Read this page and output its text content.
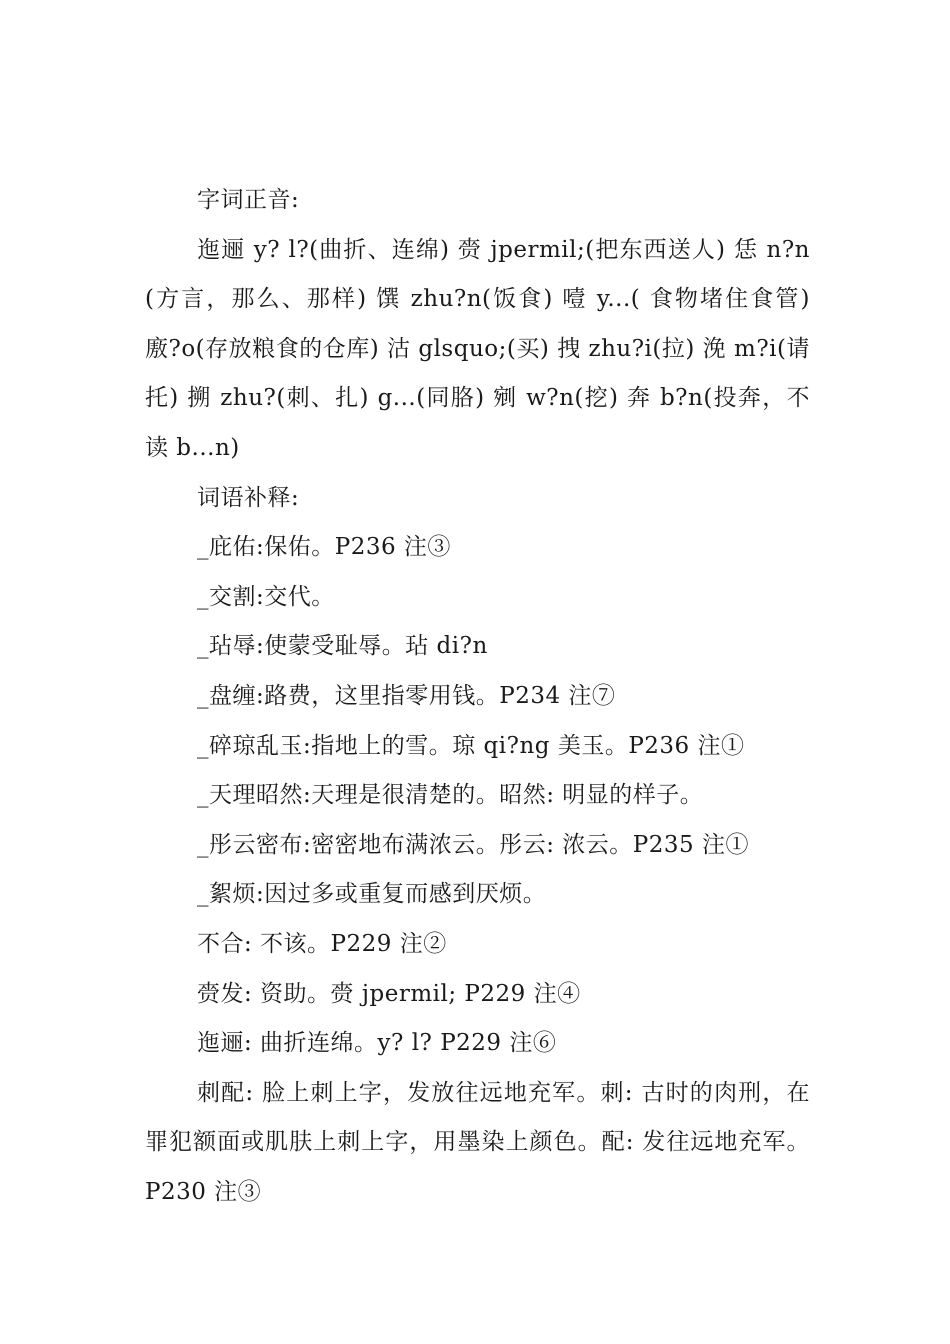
字词正音:

迤逦 y? l?(曲折、连绵) 赍 jpermil;(把东西送人) 恁 n?n(方言，那么、那样) 馔 zhu?n(饭食) 噎 y...( 食物堵住食管) 廒?o(存放粮食的仓库) 沽 glsquo;(买) 拽 zhu?i(拉) 浼 m?i(请托) 搠 zhu?(刺、扎) g...(同胳) 剜 w?n(挖) 奔 b?n(投奔，不读 b...n)

词语补释:

_庇佑:保佑。P236 注③

_交割:交代。

_玷辱:使蒙受耻辱。玷 di?n

_盘缠:路费，这里指零用钱。P234 注⑦

_碎琼乱玉:指地上的雪。琼 qi?ng 美玉。P236 注①

_天理昭然:天理是很清楚的。昭然: 明显的样子。

_彤云密布:密密地布满浓云。彤云: 浓云。P235 注①

_絮烦:因过多或重复而感到厌烦。

不合: 不该。P229 注②

赍发: 资助。赍 jpermil; P229 注④

迤逦: 曲折连绵。y? l? P229 注⑥

刺配: 脸上刺上字，发放往远地充军。刺: 古时的肉刑，在罪犯额面或肌肤上刺上字，用墨染上颜色。配: 发往远地充军。P230 注③
